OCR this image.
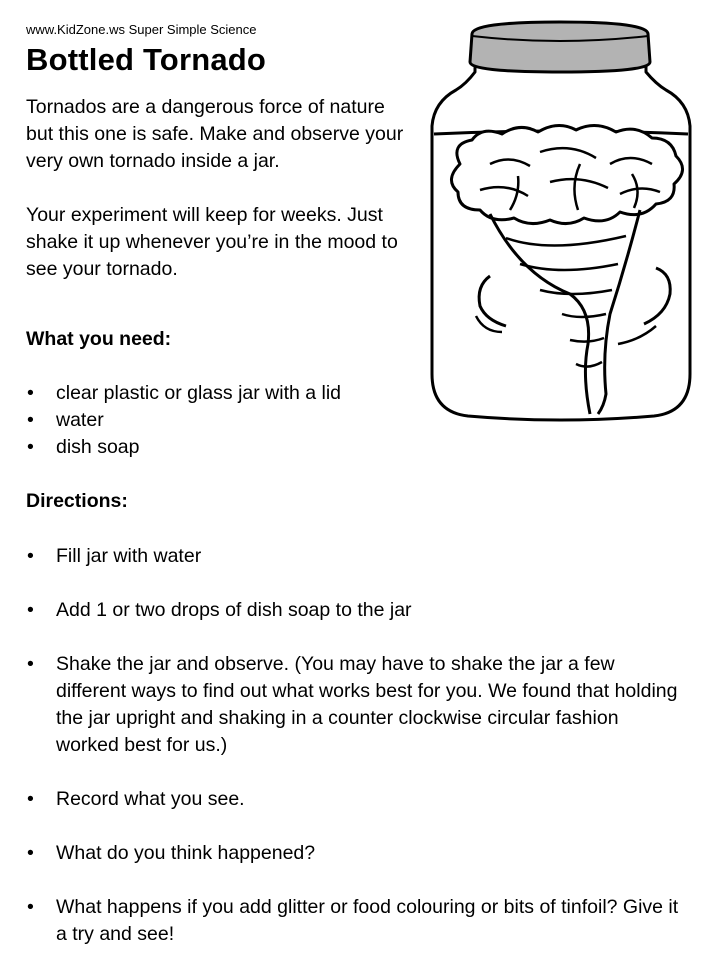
www.KidZone.ws Super Simple Science
Bottled Tornado

Tornados are a dangerous force of nature but this one is safe. Make and observe your very own tornado inside a jar.

Your experiment will keep for weeks. Just shake it up whenever you’re in the mood to see your tornado.

What you need:
• clear plastic or glass jar with a lid
• water
• dish soap
Directions:
• Fill jar with water
• Add 1 or two drops of dish soap to the jar
• Shake the jar and observe. (You may have to shake the jar a few different ways to find out what works best for you. We found that holding the jar upright and shaking in a counter clockwise circular fashion worked best for us.)
• Record what you see.
• What do you think happened?
• What happens if you add glitter or food colouring or bits of tinfoil? Give it a try and see!
